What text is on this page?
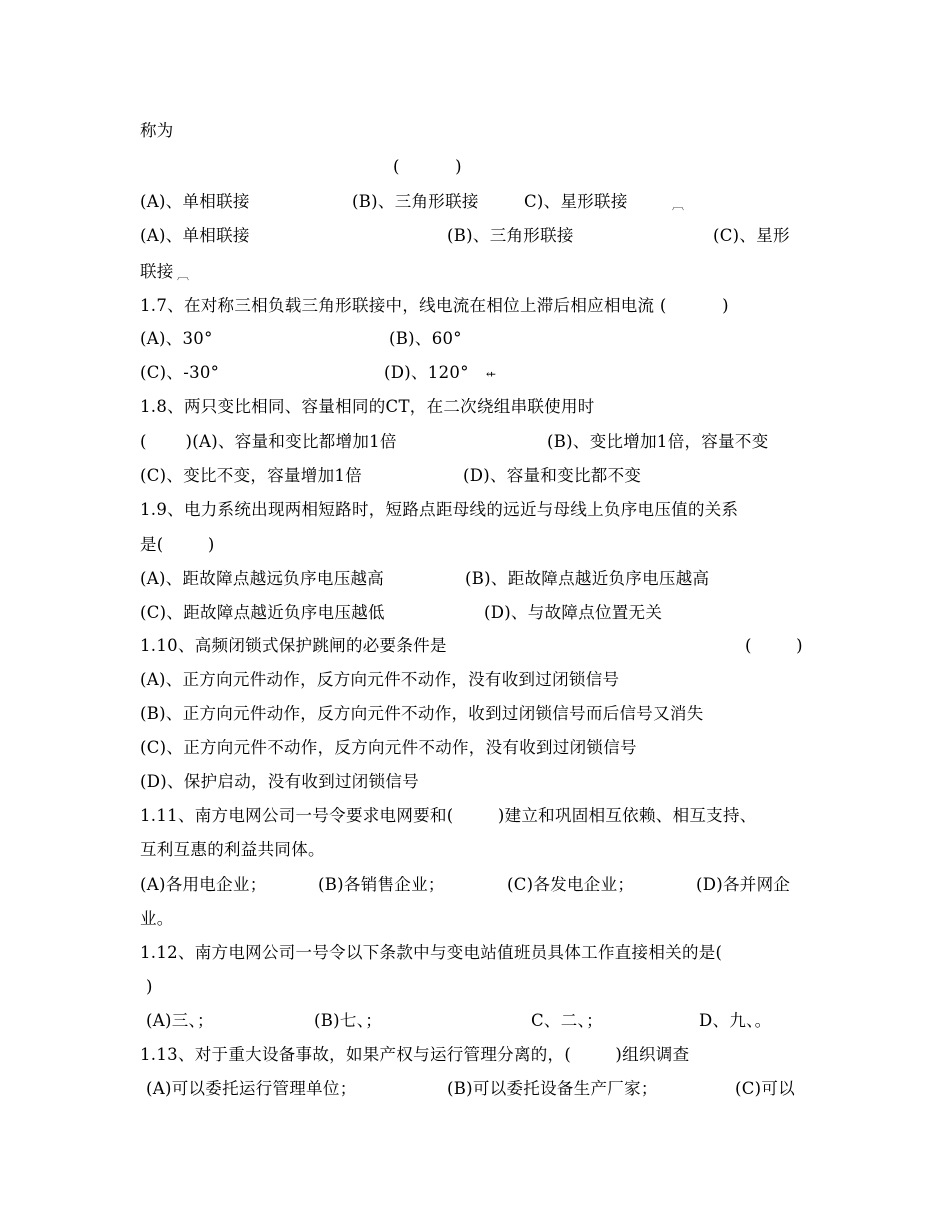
称为
(          )
(A)、单相联接	(B)、三角形联接	C)、星形联接	︹
(A)、单相联接	(B)、三角形联接	(C)、星形
联接 ︹
1.7、在对称三相负载三角形联接中，线电流在相位上滞后相应相电流 (          )
(A)、30°	(B)、60°
(C)、-30°	(D)、120° ⇷
1.8、两只变比相同、容量相同的CT，在二次绕组串联使用时
(       )(A)、容量和变比都增加1倍	(B)、变比增加1倍，容量不变
(C)、变比不变，容量增加1倍	(D)、容量和变比都不变
1.9、电力系统出现两相短路时，短路点距母线的远近与母线上负序电压值的关系
是(        )
(A)、距故障点越远负序电压越高	(B)、距故障点越近负序电压越高
(C)、距故障点越近负序电压越低	(D)、与故障点位置无关
1.10、高频闭锁式保护跳闸的必要条件是	(        )
(A)、正方向元件动作，反方向元件不动作，没有收到过闭锁信号
(B)、正方向元件动作，反方向元件不动作，收到过闭锁信号而后信号又消失
(C)、正方向元件不动作，反方向元件不动作，没有收到过闭锁信号
(D)、保护启动，没有收到过闭锁信号
1.11、南方电网公司一号令要求电网要和(        )建立和巩固相互依赖、相互支持、
互利互惠的利益共同体。
(A)各用电企业；	(B)各销售企业；	(C)各发电企业；	(D)各并网企
业。
1.12、南方电网公司一号令以下条款中与变电站值班员具体工作直接相关的是(
)
(A)三、；	(B)七、；	C、二、；	D、九、。
1.13、对于重大设备事故，如果产权与运行管理分离的，(        )组织调查
(A)可以委托运行管理单位；	(B)可以委托设备生产厂家；	(C)可以
